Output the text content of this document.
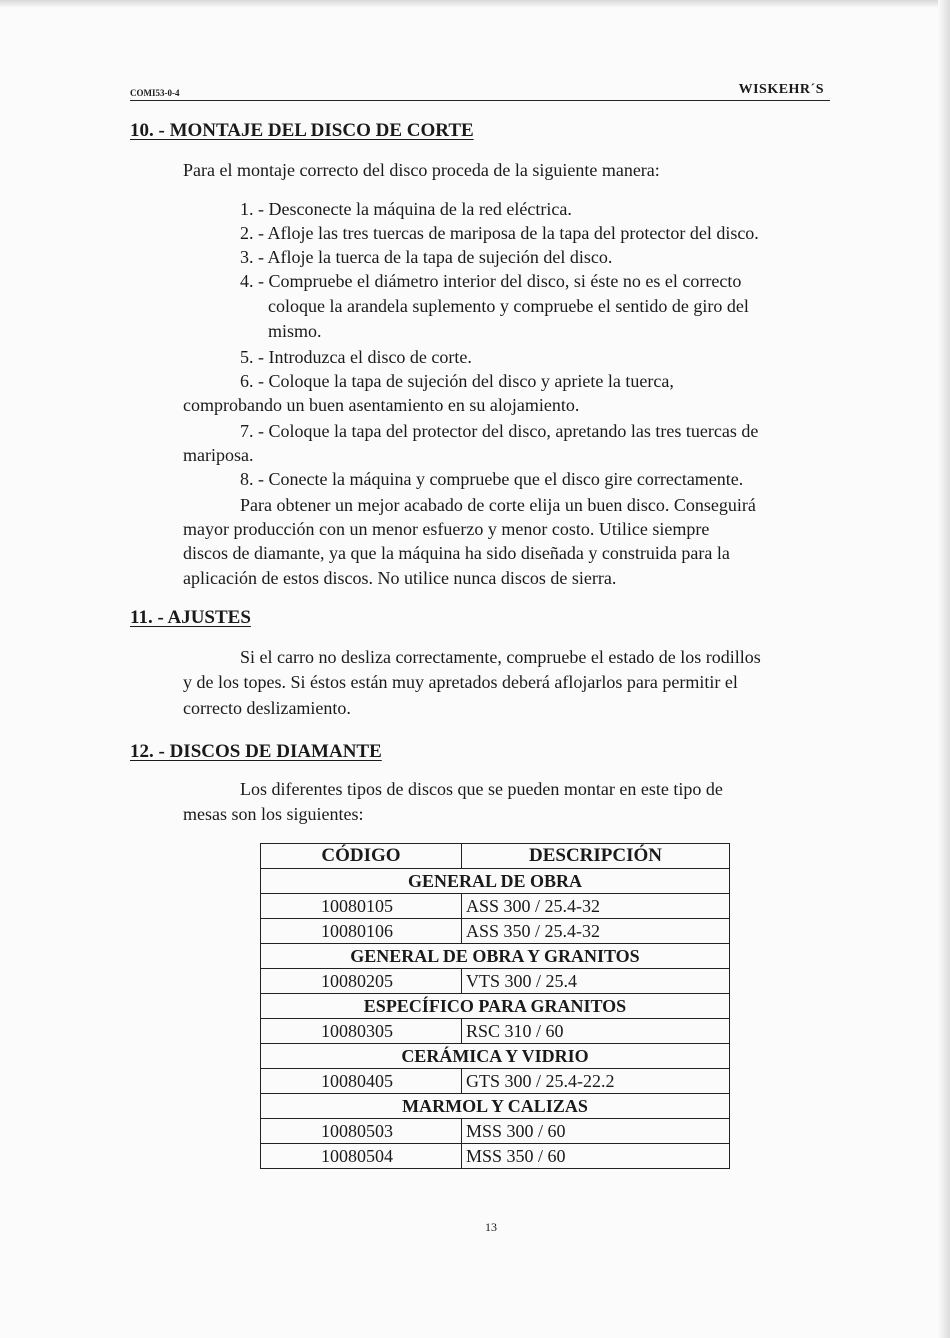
COMI53-0-4	WISKEHR´S
10. - MONTAJE DEL DISCO DE CORTE

Para el montaje correcto del disco proceda de la siguiente manera:

1. - Desconecte la máquina de la red eléctrica.

2. - Afloje las tres tuercas de mariposa de la tapa del protector del disco.

3. - Afloje la tuerca de la tapa de sujeción del disco.

4. - Compruebe el diámetro interior del disco, si éste no es el correcto

coloque la arandela suplemento y compruebe el sentido de giro del

mismo.

5. - Introduzca el disco de corte.

6. - Coloque la tapa de sujeción del disco y apriete la tuerca,

comprobando un buen asentamiento en su alojamiento.

7. - Coloque la tapa del protector del disco, apretando las tres tuercas de

mariposa.

8. - Conecte la máquina y compruebe que el disco gire correctamente.

Para obtener un mejor acabado de corte elija un buen disco. Conseguirá

mayor producción con un menor esfuerzo y menor costo. Utilice siempre

discos de diamante, ya que la máquina ha sido diseñada y construida para la

aplicación de estos discos. No utilice nunca discos de sierra.

11. - AJUSTES

Si el carro no desliza correctamente, compruebe el estado de los rodillos

y de los topes. Si éstos están muy apretados deberá aflojarlos para permitir el

correcto deslizamiento.

12. - DISCOS DE DIAMANTE

Los diferentes tipos de discos que se pueden montar en este tipo de

mesas son los siguientes:

CÓDIGO	DESCRIPCIÓN
GENERAL DE OBRA	
10080105	ASS 300 / 25.4-32
10080106	ASS 350 / 25.4-32
GENERAL DE OBRA Y GRANITOS	
10080205	VTS 300 / 25.4
ESPECÍFICO PARA GRANITOS	
10080305	RSC 310 / 60
CERÁMICA Y VIDRIO	
10080405	GTS 300 / 25.4-22.2
MARMOL Y CALIZAS	
10080503	MSS 300 / 60
10080504	MSS 350 / 60
13
